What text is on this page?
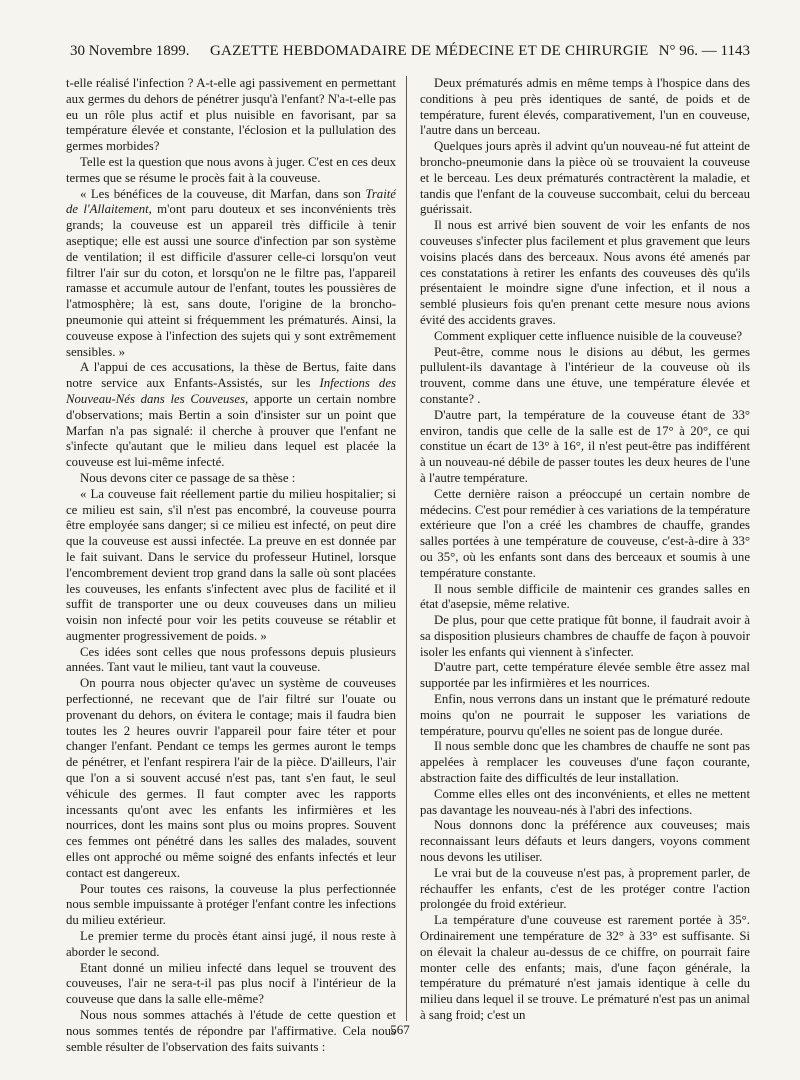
30 Novembre 1899. GAZETTE HEBDOMADAIRE DE MÉDECINE ET DE CHIRURGIE N° 96. — 1143

t-elle réalisé l'infection ? A-t-elle agi passivement en permettant aux germes du dehors de pénétrer jusqu'à l'enfant? N'a-t-elle pas eu un rôle plus actif et plus nuisible en favorisant, par sa température élevée et constante, l'éclosion et la pullulation des germes morbides?

Telle est la question que nous avons à juger. C'est en ces deux termes que se résume le procès fait à la couveuse.

« Les bénéfices de la couveuse, dit Marfan, dans son Traité de l'Allaitement, m'ont paru douteux et ses inconvénients très grands; la couveuse est un appareil très difficile à tenir aseptique; elle est aussi une source d'infection par son système de ventilation; il est difficile d'assurer celle-ci lorsqu'on veut filtrer l'air sur du coton, et lorsqu'on ne le filtre pas, l'appareil ramasse et accumule autour de l'enfant, toutes les poussières de l'atmosphère; là est, sans doute, l'origine de la broncho-pneumonie qui atteint si fréquemment les prématurés. Ainsi, la couveuse expose à l'infection des sujets qui y sont extrêmement sensibles. »

A l'appui de ces accusations, la thèse de Bertus, faite dans notre service aux Enfants-Assistés, sur les Infections des Nouveau-Nés dans les Couveuses, apporte un certain nombre d'observations; mais Bertin a soin d'insister sur un point que Marfan n'a pas signalé: il cherche à prouver que l'enfant ne s'infecte qu'autant que le milieu dans lequel est placée la couveuse est lui-même infecté.

Nous devons citer ce passage de sa thèse :

« La couveuse fait réellement partie du milieu hospitalier; si ce milieu est sain, s'il n'est pas encombré, la couveuse pourra être employée sans danger; si ce milieu est infecté, on peut dire que la couveuse est aussi infectée. La preuve en est donnée par le fait suivant. Dans le service du professeur Hutinel, lorsque l'encombrement devient trop grand dans la salle où sont placées les couveuses, les enfants s'infectent avec plus de facilité et il suffit de transporter une ou deux couveuses dans un milieu voisin non infecté pour voir les petits couveuse se rétablir et augmenter progressivement de poids. »

Ces idées sont celles que nous professons depuis plusieurs années. Tant vaut le milieu, tant vaut la couveuse.

On pourra nous objecter qu'avec un système de couveuses perfectionné, ne recevant que de l'air filtré sur l'ouate ou provenant du dehors, on évitera le contage; mais il faudra bien toutes les 2 heures ouvrir l'appareil pour faire téter et pour changer l'enfant. Pendant ce temps les germes auront le temps de pénétrer, et l'enfant respirera l'air de la pièce. D'ailleurs, l'air que l'on a si souvent accusé n'est pas, tant s'en faut, le seul véhicule des germes. Il faut compter avec les rapports incessants qu'ont avec les enfants les infirmières et les nourrices, dont les mains sont plus ou moins propres. Souvent ces femmes ont pénétré dans les salles des malades, souvent elles ont approché ou même soigné des enfants infectés et leur contact est dangereux.

Pour toutes ces raisons, la couveuse la plus perfectionnée nous semble impuissante à protéger l'enfant contre les infections du milieu extérieur.

Le premier terme du procès étant ainsi jugé, il nous reste à aborder le second.

Etant donné un milieu infecté dans lequel se trouvent des couveuses, l'air ne sera-t-il pas plus nocif à l'intérieur de la couveuse que dans la salle elle-même?

Nous nous sommes attachés à l'étude de cette question et nous sommes tentés de répondre par l'affirmative. Cela nous semble résulter de l'observation des faits suivants :

Deux prématurés admis en même temps à l'hospice dans des conditions à peu près identiques de santé, de poids et de température, furent élevés, comparativement, l'un en couveuse, l'autre dans un berceau.

Quelques jours après il advint qu'un nouveau-né fut atteint de broncho-pneumonie dans la pièce où se trouvaient la couveuse et le berceau. Les deux prématurés contractèrent la maladie, et tandis que l'enfant de la couveuse succombait, celui du berceau guérissait.

Il nous est arrivé bien souvent de voir les enfants de nos couveuses s'infecter plus facilement et plus gravement que leurs voisins placés dans des berceaux. Nous avons été amenés par ces constatations à retirer les enfants des couveuses dès qu'ils présentaient le moindre signe d'une infection, et il nous a semblé plusieurs fois qu'en prenant cette mesure nous avions évité des accidents graves.

Comment expliquer cette influence nuisible de la couveuse?

Peut-être, comme nous le disions au début, les germes pullulent-ils davantage à l'intérieur de la couveuse où ils trouvent, comme dans une étuve, une température élevée et constante? .

D'autre part, la température de la couveuse étant de 33° environ, tandis que celle de la salle est de 17° à 20°, ce qui constitue un écart de 13° à 16°, il n'est peut-être pas indifférent à un nouveau-né débile de passer toutes les deux heures de l'une à l'autre température.

Cette dernière raison a préoccupé un certain nombre de médecins. C'est pour remédier à ces variations de la température extérieure que l'on a créé les chambres de chauffe, grandes salles portées à une température de couveuse, c'est-à-dire à 33° ou 35°, où les enfants sont dans des berceaux et soumis à une température constante.

Il nous semble difficile de maintenir ces grandes salles en état d'asepsie, même relative.

De plus, pour que cette pratique fût bonne, il faudrait avoir à sa disposition plusieurs chambres de chauffe de façon à pouvoir isoler les enfants qui viennent à s'infecter.

D'autre part, cette température élevée semble être assez mal supportée par les infirmières et les nourrices.

Enfin, nous verrons dans un instant que le prématuré redoute moins qu'on ne pourrait le supposer les variations de température, pourvu qu'elles ne soient pas de longue durée.

Il nous semble donc que les chambres de chauffe ne sont pas appelées à remplacer les couveuses d'une façon courante, abstraction faite des difficultés de leur installation.

Comme elles elles ont des inconvénients, et elles ne mettent pas davantage les nouveau-nés à l'abri des infections.

Nous donnons donc la préférence aux couveuses; mais reconnaissant leurs défauts et leurs dangers, voyons comment nous devons les utiliser.

Le vrai but de la couveuse n'est pas, à proprement parler, de réchauffer les enfants, c'est de les protéger contre l'action prolongée du froid extérieur.

La température d'une couveuse est rarement portée à 35°. Ordinairement une température de 32° à 33° est suffisante. Si on élevait la chaleur au-dessus de ce chiffre, on pourrait faire monter celle des enfants; mais, d'une façon générale, la température du prématuré n'est jamais identique à celle du milieu dans lequel il se trouve. Le prématuré n'est pas un animal à sang froid; c'est un

567
